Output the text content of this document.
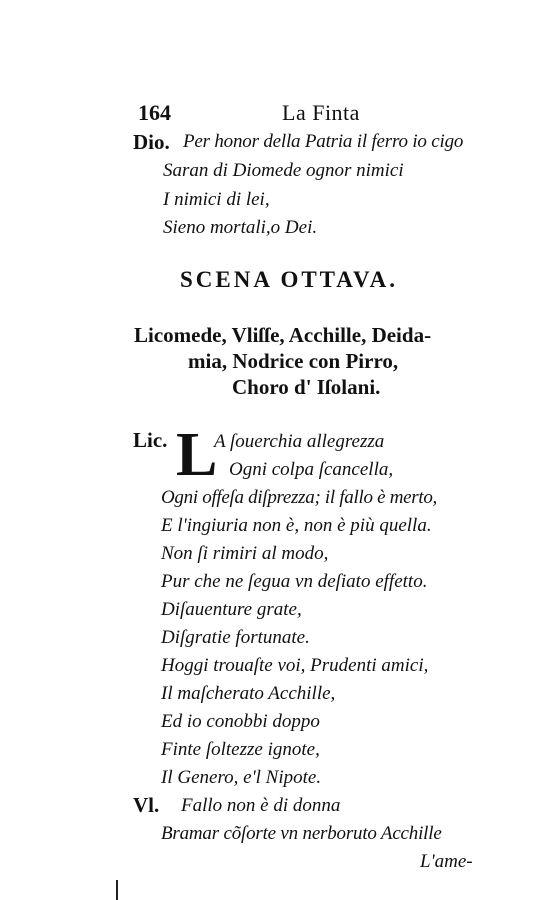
164	La Finta
Dio. Per honor della Patria il ferro io cigo
Saran di Diomede ognor nimici
I nimici di lei,
Sieno mortali,o Dei.
SCENA OTTAVA.
Licomede, Vliſſe, Acchille, Deida-
mia, Nodrice con Pirro,
Choro d' Iſolani.
Lic. L
A ſouerchia allegrezza
Ogni colpa ſcancella,
Ogni offeſa diſprezza; il fallo è merto,
E l'ingiuria non è, non è più quella.
Non ſi rimiri al modo,
Pur che ne ſegua vn deſiato effetto.
Diſauenture grate,
Diſgratie fortunate.
Hoggi trouaſte voi, Prudenti amici,
Il maſcherato Acchille,
Ed io conobbi doppo
Finte ſoltezze ignote,
Il Genero, e'l Nipote.
Vl. Fallo non è di donna
Bramar cõſorte vn nerboruto Acchille
L'ame-
